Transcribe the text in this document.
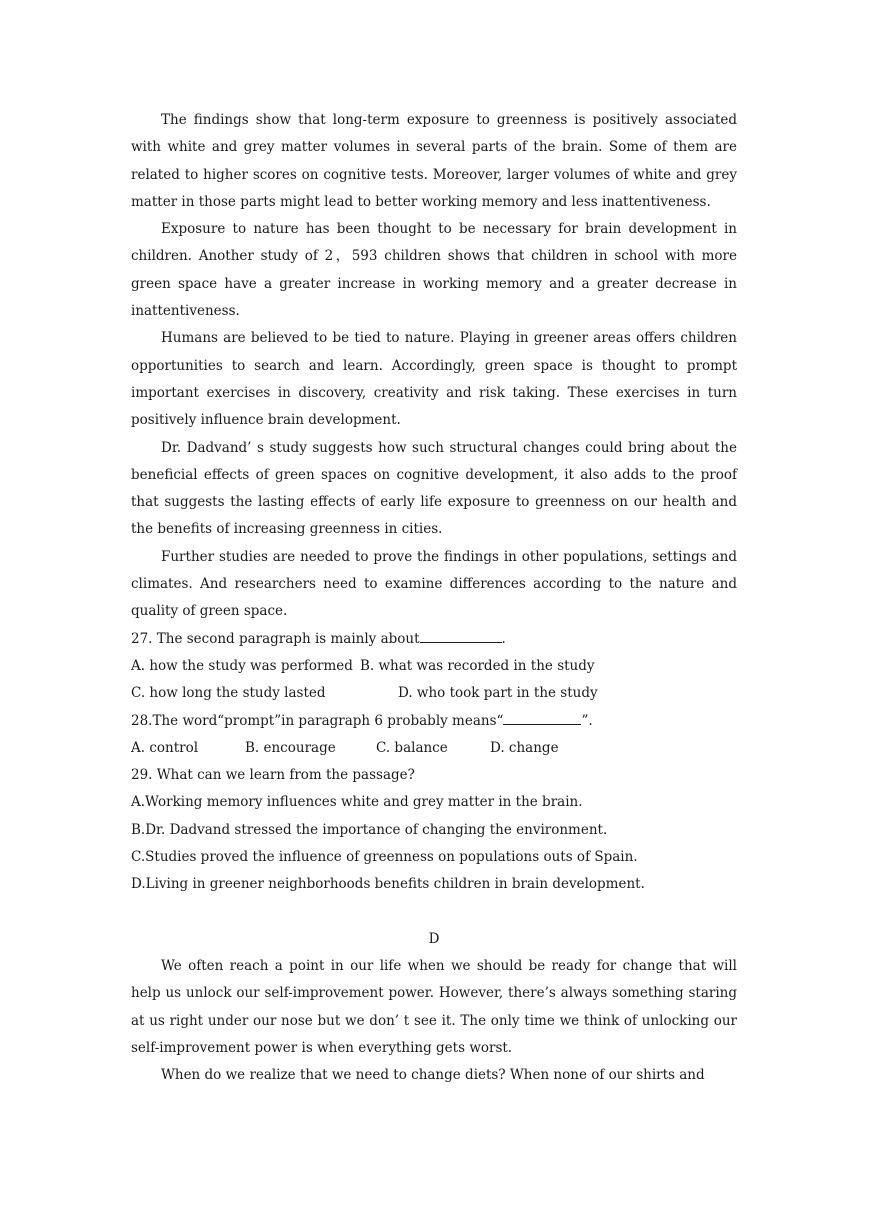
The findings show that long-term exposure to greenness is positively associated with white and grey matter volumes in several parts of the brain. Some of them are related to higher scores on cognitive tests. Moreover, larger volumes of white and grey matter in those parts might lead to better working memory and less inattentiveness.

Exposure to nature has been thought to be necessary for brain development in children. Another study of 2，593 children shows that children in school with more green space have a greater increase in working memory and a greater decrease in inattentiveness.

Humans are believed to be tied to nature. Playing in greener areas offers children opportunities to search and learn. Accordingly, green space is thought to prompt important exercises in discovery, creativity and risk taking. These exercises in turn positively influence brain development.

Dr. Dadvand’ s study suggests how such structural changes could bring about the beneficial effects of green spaces on cognitive development, it also adds to the proof that suggests the lasting effects of early life exposure to greenness on our health and the benefits of increasing greenness in cities.

Further studies are needed to prove the findings in other populations, settings and climates. And researchers need to examine differences according to the nature and quality of green space.

27. The second paragraph is mainly about	.

A. how the study was performed B. what was recorded in the study

C. how long the study lasted	D. who took part in the study

28.The word“prompt”in paragraph 6 probably means“	”.

A. control	B. encourage	C. balance	D. change

29. What can we learn from the passage?

A.Working memory influences white and grey matter in the brain.

B.Dr. Dadvand stressed the importance of changing the environment.

C.Studies proved the influence of greenness on populations outs of Spain.

D.Living in greener neighborhoods benefits children in brain development.

D

We often reach a point in our life when we should be ready for change that will help us unlock our self-improvement power. However, there’s always something staring at us right under our nose but we don’ t see it. The only time we think of unlocking our self-improvement power is when everything gets worst.

When do we realize that we need to change diets? When none of our shirts and
